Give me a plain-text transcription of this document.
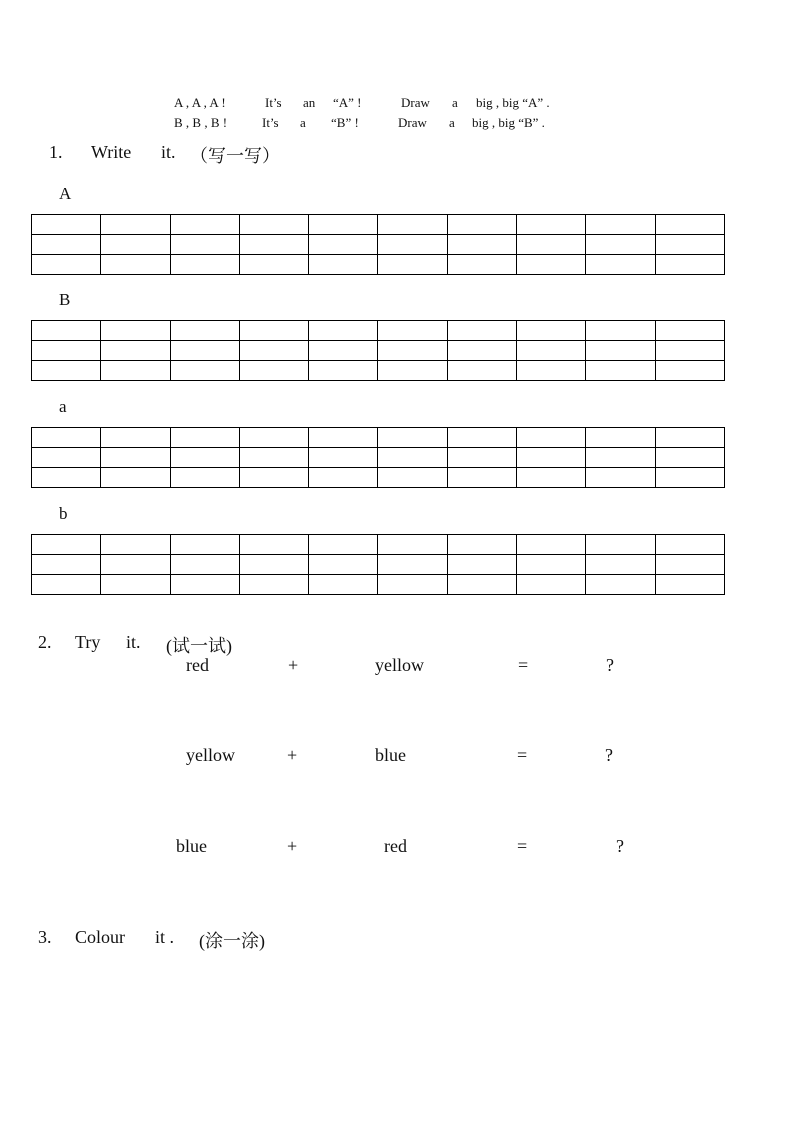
A , A , A !	It’s an “A” !	Draw a big , big “A” .
B , B , B !	It’s a “B” !	Draw a big , big “B” .
1. Write it. （写一写）
A

B

a

b

2. Try it. (试一试)
red	+	yellow	=	?
yellow	+	blue	=	?
blue	+	red	=	?
3. Colour it . (涂一涂)
